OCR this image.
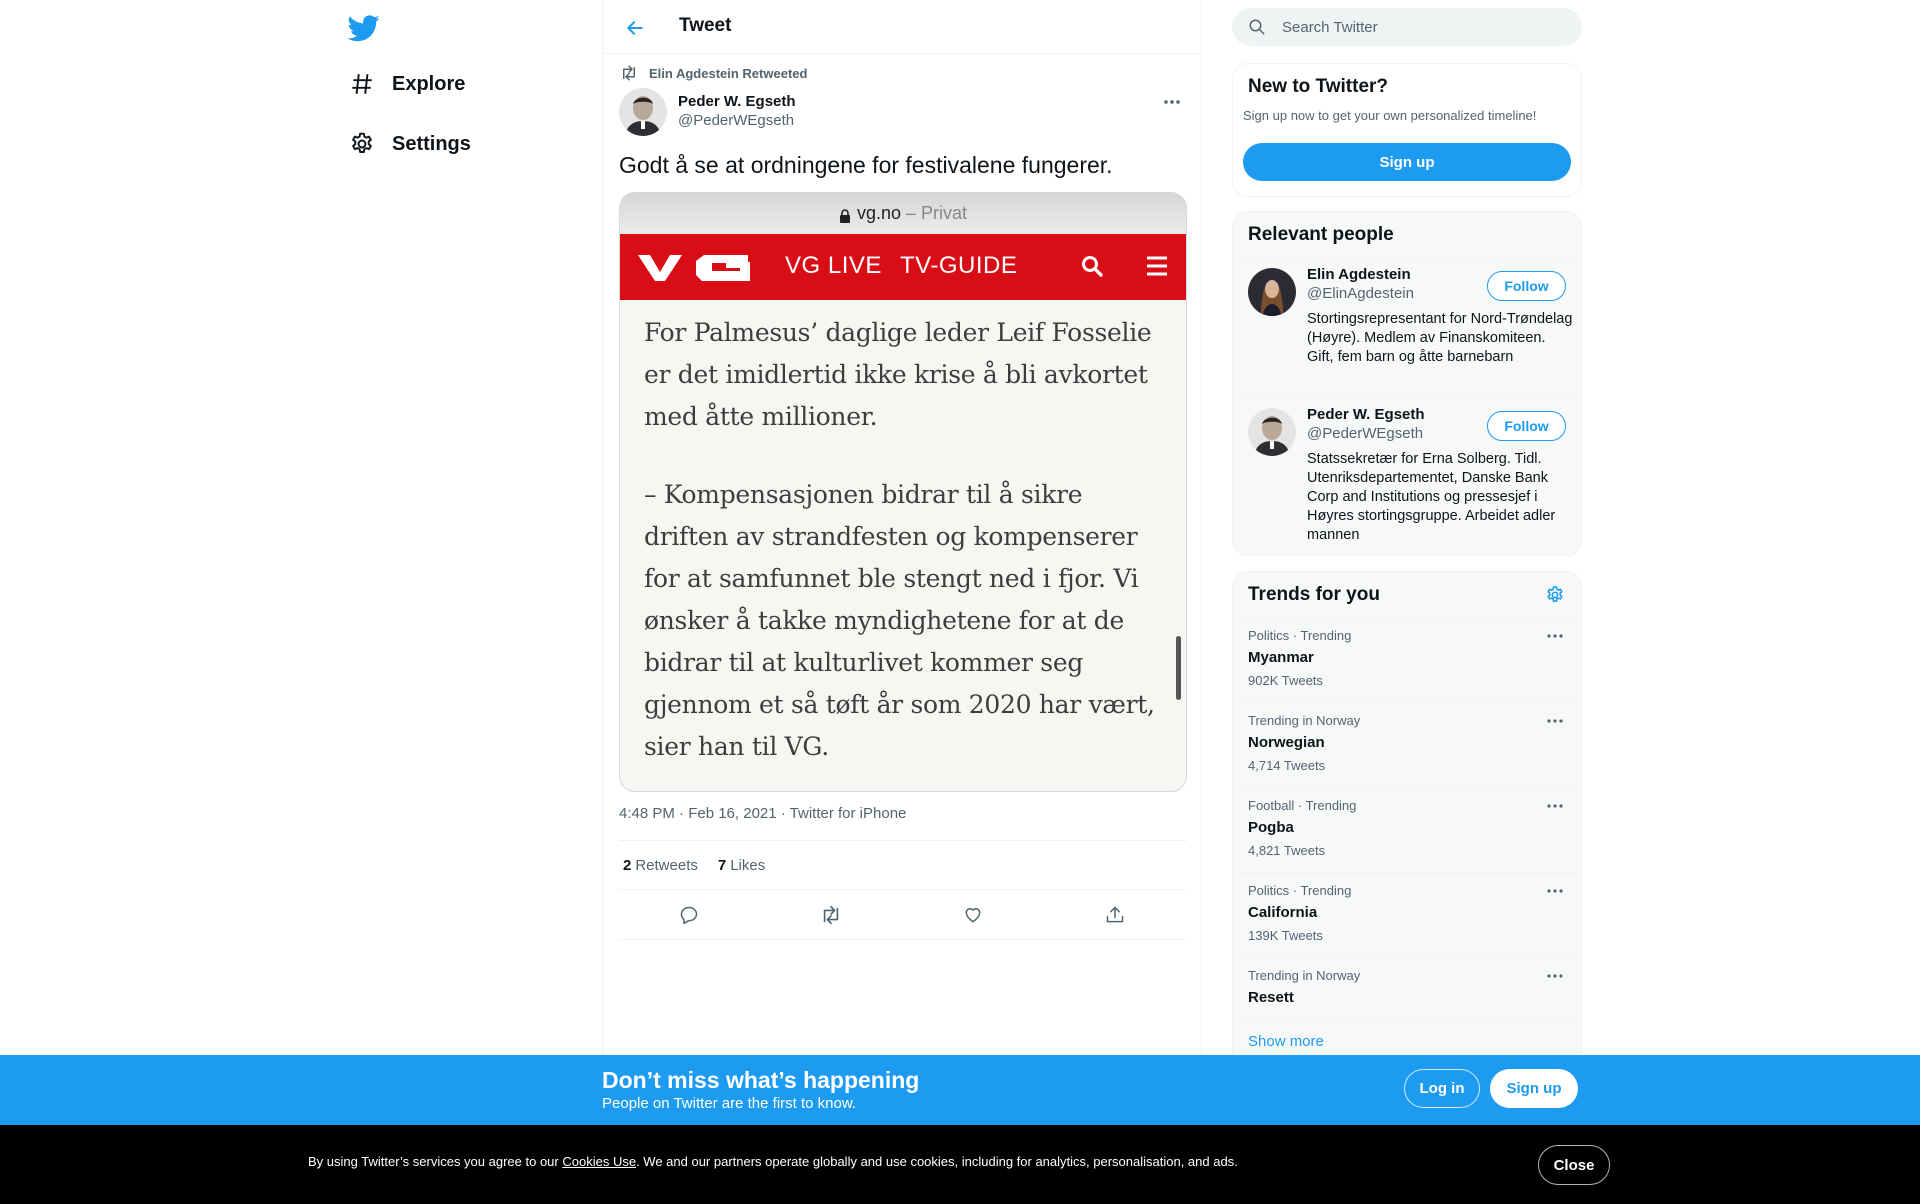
Explore
Settings
Tweet
Elin Agdestein Retweeted
Peder W. Egseth
@PederWEgseth
Godt å se at ordningene for festivalene fungerer.
vg.no – Privat
VG LIVE TV-GUIDE

For Palmesus’ daglige leder Leif Fosselie er det imidlertid ikke krise å bli avkortet med åtte millioner.

– Kompensasjonen bidrar til å sikre driften av strandfesten og kompenserer for at samfunnet ble stengt ned i fjor. Vi ønsker å takke myndighetene for at de bidrar til at kulturlivet kommer seg gjennom et så tøft år som 2020 har vært, sier han til VG.

4:48 PM · Feb 16, 2021 · Twitter for iPhone
2 Retweets 7 Likes
Search Twitter
New to Twitter?
Sign up now to get your own personalized timeline!
Sign up
Relevant people
Elin Agdestein
@ElinAgdestein
Stortingsrepresentant for Nord-Trøndelag (Høyre). Medlem av Finanskomiteen. Gift, fem barn og åtte barnebarn
Follow
Peder W. Egseth
@PederWEgseth
Statssekretær for Erna Solberg. Tidl. Utenriksdepartementet, Danske Bank Corp and Institutions og pressesjef i Høyres stortingsgruppe. Arbeidet adler mannen
Follow
Trends for you
Politics · Trending
Myanmar
902K Tweets
Trending in Norway
Norwegian
4,714 Tweets
Football · Trending
Pogba
4,821 Tweets
Politics · Trending
California
139K Tweets
Trending in Norway
Resett
Show more
Don’t miss what’s happening
People on Twitter are the first to know.
Log in	Sign up
By using Twitter’s services you agree to our Cookies Use. We and our partners operate globally and use cookies, including for analytics, personalisation, and ads.	Close
